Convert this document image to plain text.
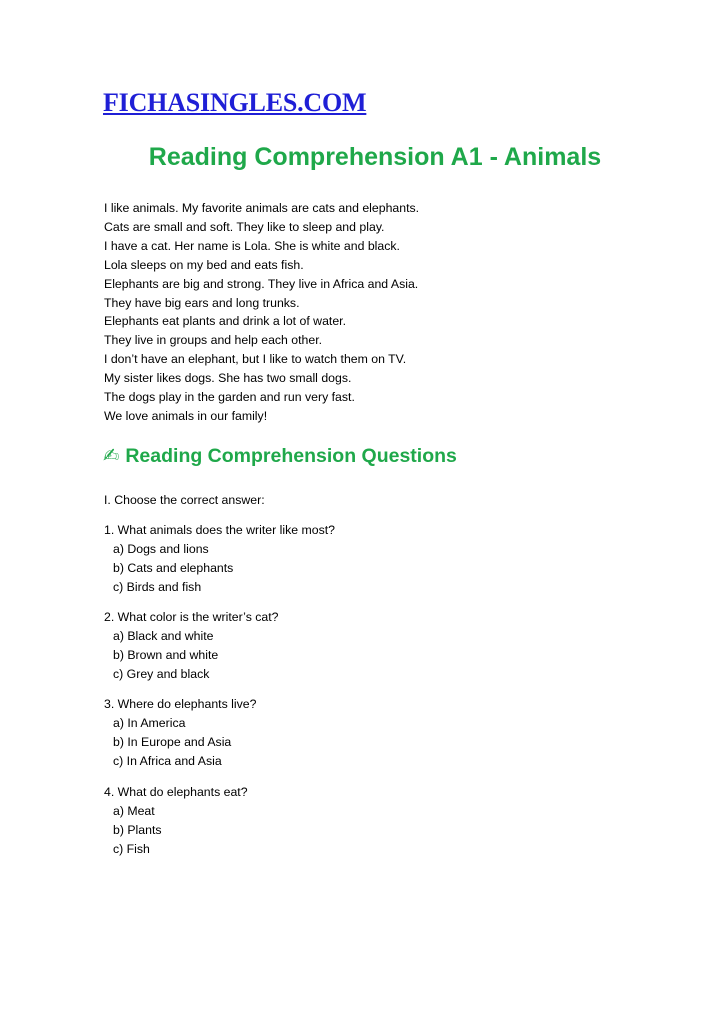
FICHASINGLES.COM
Reading Comprehension A1 - Animals
I like animals. My favorite animals are cats and elephants.
Cats are small and soft. They like to sleep and play.
I have a cat. Her name is Lola. She is white and black.
Lola sleeps on my bed and eats fish.
Elephants are big and strong. They live in Africa and Asia.
They have big ears and long trunks.
Elephants eat plants and drink a lot of water.
They live in groups and help each other.
I don’t have an elephant, but I like to watch them on TV.
My sister likes dogs. She has two small dogs.
The dogs play in the garden and run very fast.
We love animals in our family!
✍ Reading Comprehension Questions
I. Choose the correct answer:
1. What animals does the writer like most?
a) Dogs and lions
b) Cats and elephants
c) Birds and fish
2. What color is the writer’s cat?
a) Black and white
b) Brown and white
c) Grey and black
3. Where do elephants live?
a) In America
b) In Europe and Asia
c) In Africa and Asia
4. What do elephants eat?
a) Meat
b) Plants
c) Fish
